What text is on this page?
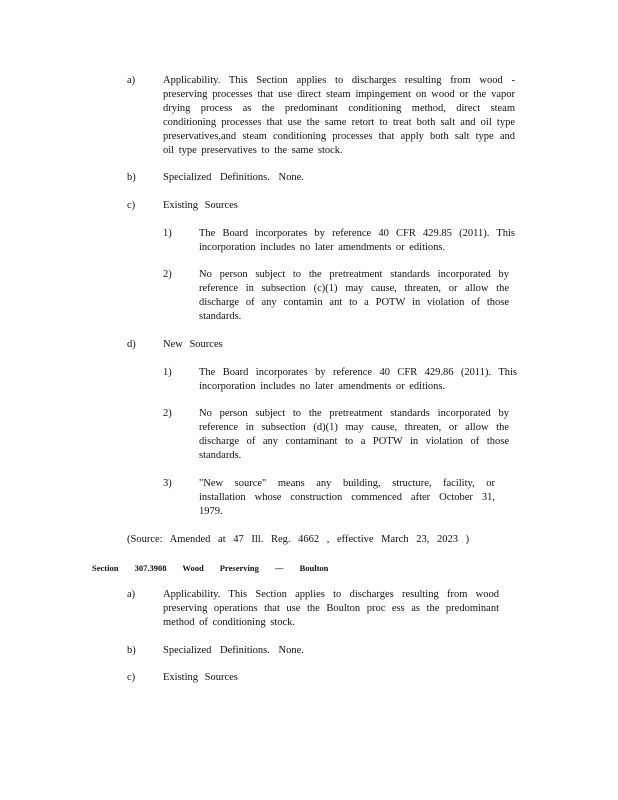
a)	Applicability. This Section applies to discharges resulting from wood - preserving processes that use direct steam impingement on wood or the vapor drying process as the predominant conditioning method, direct steam conditioning processes that use the same retort to treat both salt and oil type preservatives,and steam conditioning processes that apply both salt type and oil type preservatives to the same stock.
b)	Specialized Definitions. None.
c)	Existing Sources
1)	The Board incorporates by reference 40 CFR 429.85 (2011). This incorporation includes no later amendments or editions.
2)	No person subject to the pretreatment standards incorporated by reference in subsection (c)(1) may cause, threaten, or allow the discharge of any contamin ant to a POTW in violation of those standards.
d)	New Sources
1)	The Board incorporates by reference 40 CFR 429.86 (2011). This incorporation includes no later amendments or editions.
2)	No person subject to the pretreatment standards incorporated by reference in subsection (d)(1) may cause, threaten, or allow the discharge of any contaminant to a POTW in violation of those standards.
3)	"New source" means any building, structure, facility, or installation whose construction commenced after October 31, 1979.
(Source: Amended at 47 Ill. Reg. 4662 , effective March 23, 2023 )
Section 307.3908 Wood Preserving — Boulton
a)	Applicability. This Section applies to discharges resulting from wood preserving operations that use the Boulton proc ess as the predominant method of conditioning stock.
b)	Specialized Definitions. None.
c)	Existing Sources
